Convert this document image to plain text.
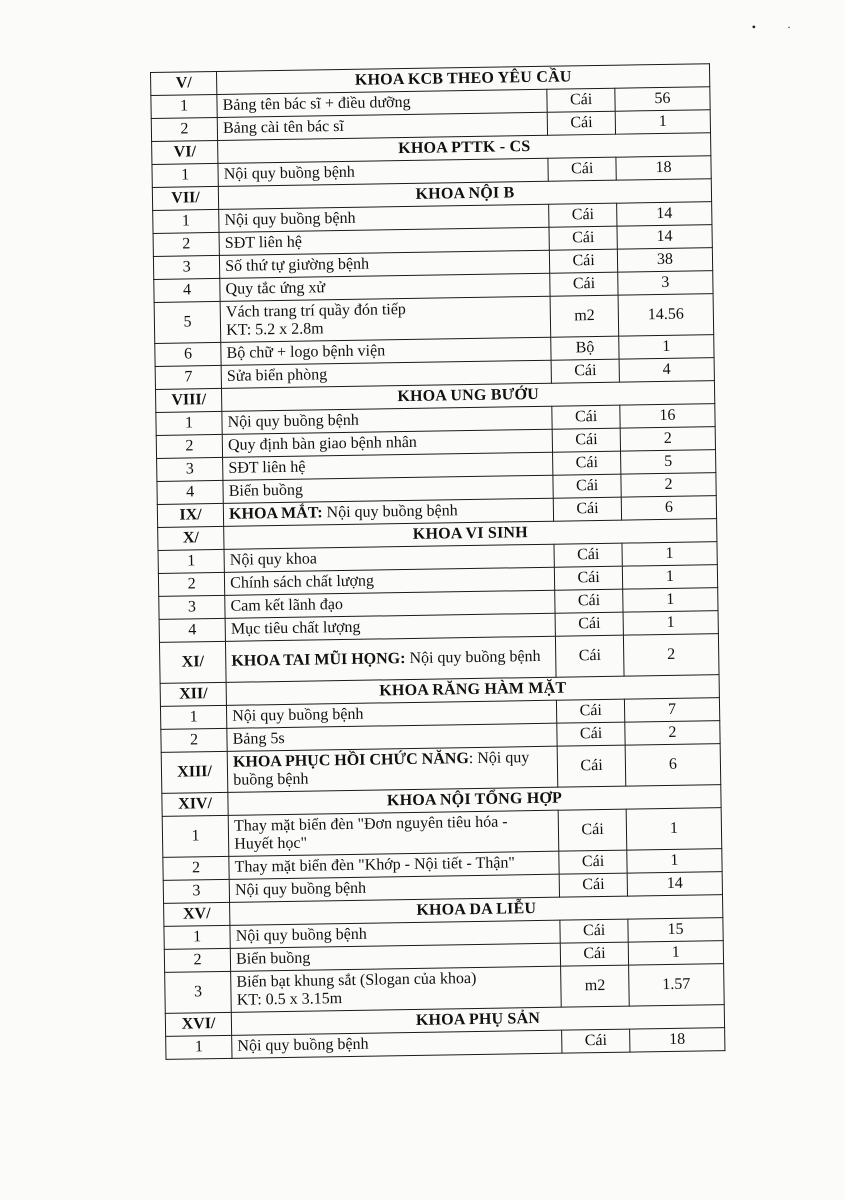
• ·
V/	KHOA KCB THEO YÊU CẦU		
1	Bảng tên bác sĩ + điều dưỡng	Cái	56
2	Bảng cài tên bác sĩ	Cái	1
VI/	KHOA PTTK - CS		
1	Nội quy buồng bệnh	Cái	18
VII/	KHOA NỘI B		
1	Nội quy buồng bệnh	Cái	14
2	SĐT liên hệ	Cái	14
3	Số thứ tự giường bệnh	Cái	38
4	Quy tắc ứng xử	Cái	3
5	Vách trang trí quầy đón tiếp
KT: 5.2 x 2.8m	m2	14.56
6	Bộ chữ + logo bệnh viện	Bộ	1
7	Sửa biển phòng	Cái	4
VIII/	KHOA UNG BƯỚU		
1	Nội quy buồng bệnh	Cái	16
2	Quy định bàn giao bệnh nhân	Cái	2
3	SĐT liên hệ	Cái	5
4	Biển buồng	Cái	2
IX/	KHOA MẮT: Nội quy buồng bệnh	Cái	6
X/	KHOA VI SINH		
1	Nội quy khoa	Cái	1
2	Chính sách chất lượng	Cái	1
3	Cam kết lãnh đạo	Cái	1
4	Mục tiêu chất lượng	Cái	1
XI/	KHOA TAI MŨI HỌNG: Nội quy buồng bệnh	Cái	2
XII/	KHOA RĂNG HÀM MẶT		
1	Nội quy buồng bệnh	Cái	7
2	Bảng 5s	Cái	2
XIII/	KHOA PHỤC HỒI CHỨC NĂNG: Nội quy buồng bệnh	Cái	6
XIV/	KHOA NỘI TỔNG HỢP		
1	Thay mặt biển đèn "Đơn nguyên tiêu hóa -
Huyết học"	Cái	1
2	Thay mặt biển đèn "Khớp - Nội tiết - Thận"	Cái	1
3	Nội quy buồng bệnh	Cái	14
XV/	KHOA DA LIỄU		
1	Nội quy buồng bệnh	Cái	15
2	Biển buồng	Cái	1
3	Biển bạt khung sắt (Slogan của khoa)
KT: 0.5 x 3.15m	m2	1.57
XVI/	KHOA PHỤ SẢN		
1	Nội quy buồng bệnh	Cái	18
